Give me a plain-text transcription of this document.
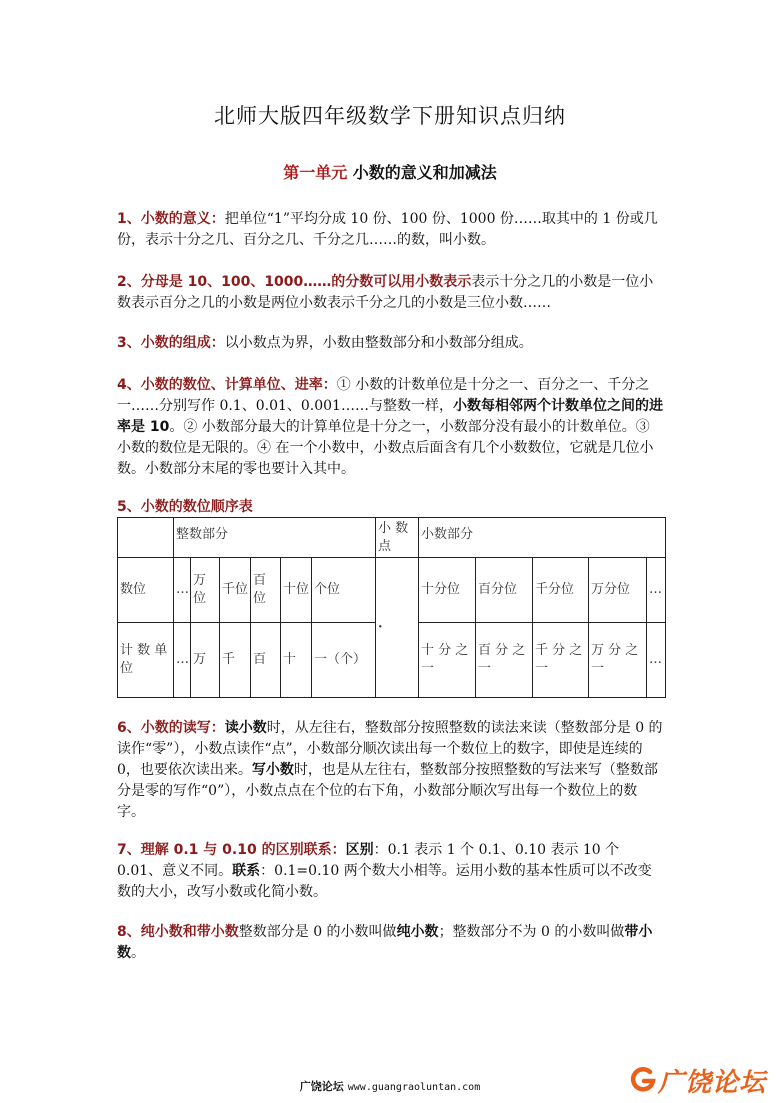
北师大版四年级数学下册知识点归纳
第一单元 小数的意义和加减法
1、小数的意义：把单位“1”平均分成 10 份、100 份、1000 份……取其中的 1 份或几份，表示十分之几、百分之几、千分之几……的数，叫小数。
2、分母是 10、100、1000……的分数可以用小数表示表示十分之几的小数是一位小数表示百分之几的小数是两位小数表示千分之几的小数是三位小数……
3、小数的组成：以小数点为界，小数由整数部分和小数部分组成。
4、小数的数位、计算单位、进率：① 小数的计数单位是十分之一、百分之一、千分之一……分别写作 0.1、0.01、0.001……与整数一样，小数每相邻两个计数单位之间的进率是 10。② 小数部分最大的计算单位是十分之一，小数部分没有最小的计数单位。③ 小数的数位是无限的。④ 在一个小数中，小数点后面含有几个小数数位，它就是几位小数。小数部分末尾的零也要计入其中。
5、小数的数位顺序表
	整数部分						小 数 点	小数部分				
数位	…	万位	千位	百位	十位	个位	·	十分位	百分位	千分位	万分位	…
计 数 单 位	…	万	千	百	十	一（个）		十 分 之 一	百 分 之 一	千 分 之 一	万 分 之 一	…
6、小数的读写：读小数时，从左往右，整数部分按照整数的读法来读（整数部分是 0 的读作“零”），小数点读作“点”，小数部分顺次读出每一个数位上的数字，即使是连续的 0，也要依次读出来。写小数时，也是从左往右，整数部分按照整数的写法来写（整数部分是零的写作“0”），小数点点在个位的右下角，小数部分顺次写出每一个数位上的数字。
7、理解 0.1 与 0.10 的区别联系：区别：0.1 表示 1 个 0.1、0.10 表示 10 个 0.01、意义不同。联系：0.1=0.10 两个数大小相等。运用小数的基本性质可以不改变数的大小，改写小数或化简小数。
8、纯小数和带小数整数部分是 0 的小数叫做纯小数；整数部分不为 0 的小数叫做带小数。
广饶论坛 www.guangraoluntan.com	广饶论坛
